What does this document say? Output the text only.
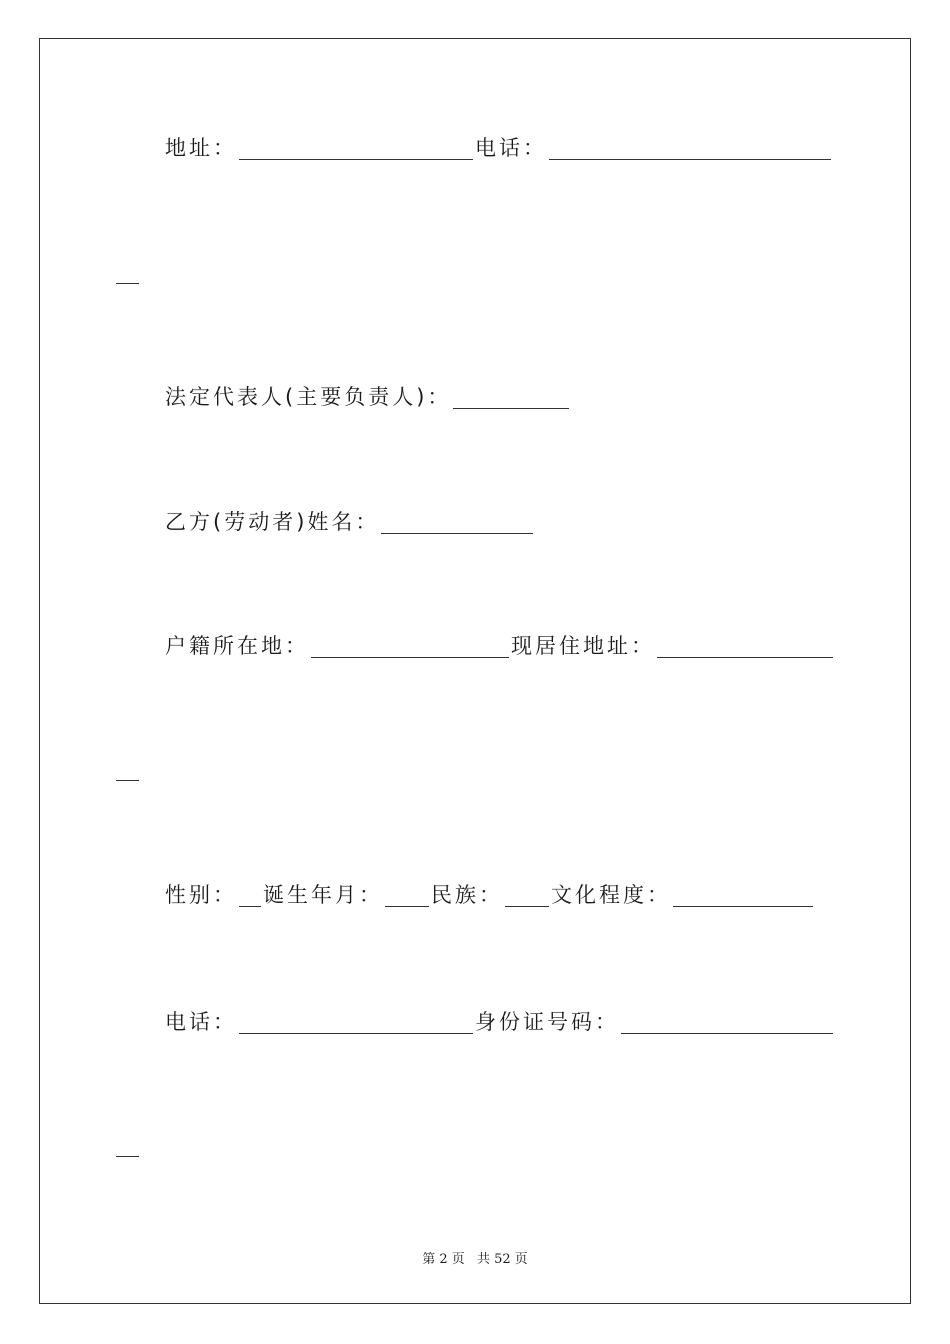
地址：	电话：
法定代表人(主要负责人)：
乙方(劳动者)姓名：
户籍所在地：	现居住地址：
性别： 诞生年月： 民族： 文化程度：
电话：	身份证号码：
第 2 页 共 52 页
